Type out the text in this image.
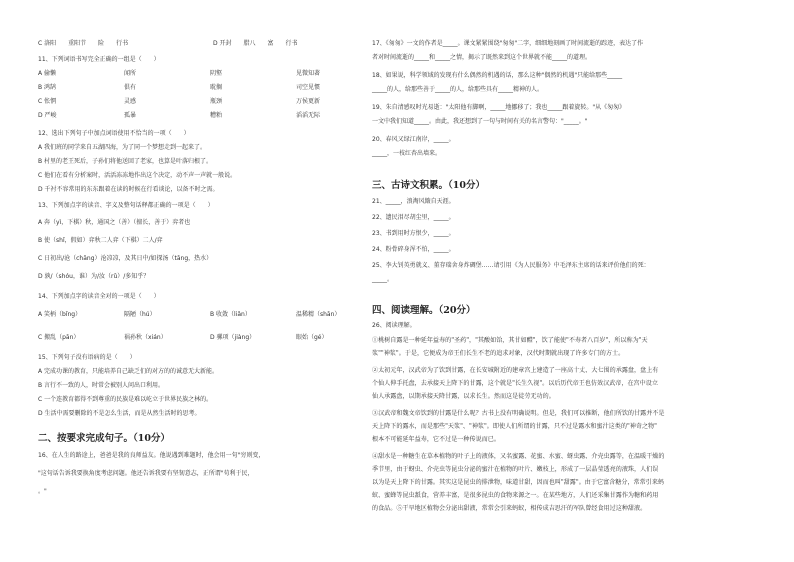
C 洛阳　　重阳节　　险　　行书	D 开封　　腊八　　富　　行书
11、下列词语书写完全正确的一组是（　　）
A 偷懒	闻所	阴壑	见微知著
B 鸿鹄	俱有	耽搁	司空见惯
C 怅惘	灵感	瓶颈	万侯更新
D 严峻	孤暴	糟粕	滔滔无际
12、选出下列句子中加点词语使用不恰当的一项（　　）
A 我们班的同学来自五湖四海，为了同一个梦想走到一起来了。
B 村里的老王死后，子孙们将他送回了老家，也算是叶落归根了。
C 他们在看有分析案时，活活冻冻地作出这个决定，动不声一声就一般说。
D 千衬不容常用的东东跟着在读的时候在行看谈论，以备不时之需。
13、下列加点字的读音、字义及整句话释都正确的一项是（　　）
A 奔（yì，下棋）秋，通国之（善）（擅长，善于）弈者也
B 使（shǐ，假如）弈秋二人弈（下棋）二人/弈
C 日初出/沧（chāng）沧凉凉，及其日中/如探汤（tāng，热水）
D 孰/（shóu，谁）为/汝（rǔ）/多知乎？
14、下列加点字的读音全对的一项是（　　）
A 笑柄（bǐng）	隔陋（hú）	B 收敛（liǎn）	温稀精（shān）
C 搬乱（pān）	祸孙秋（xián）	D 骡项（jiàng）	眼始（gé）
15、下列句子没有语病的是（　　）
A 完成功课的教育，只能培养自己缺乏们的对方的的诚意无大新能。
B 言行不一致的人，时常会被别人问出口利用。
C 一个连教育都得不到尊重的民族是难以屹立于世界民族之林的。
D 生活中需要删除的不是怎么生活，而是从然生活时的思考。
二、按要求完成句子。（10分）
16、在人生的路途上，爸爸是我的良师益友。他说遇到难题时，他会用一句"穷则变，
"这句话告诉我要换角度考虑问题。他还告诉我要有坚韧意志，正所谓"苟利于民，
。"
17、《匆匆》一文的作者是_____。课文紧紧围绕"匆匆"二字，细细地刻画了时间流逝的踪迹，表达了作
者对时间流逝的_____和_____之情，揭示了既然来到这个世界就不能_____的道理。
18、如果说，科学领域的发现有什么偶然的机遇的话，那么这种"偶然的机遇"只能给那些_____
_____的人，给那些善于_____的人，给那些具有_____精神的人。
19、朱自清感叹时光易逝："太阳他有脚啊，_____地挪移了；我也_____跟着旋转。"从《匆匆》
一文中我们知道_____。由此，我还想到了一句与时间有关的名言警句："_____。"
20、春风又绿江南岸，_____。
_____，一枝红杏出墙来。
三、古诗文积累。（10分）
21、_____，浪淘风簸自天涯。
22、遗民泪尽胡尘里，_____。
23、书到用时方恨少，_____。
24、粉骨碎身浑不怕，_____。
25、李大钊英勇就义、董存瑞舍身炸碉堡……请引用《为人民服务》中毛泽东主席的话来评价他们的死：
_____。
四、阅读理解。（20分）
26、阅读理解。
①桃树自露是一种延年益寿的"圣药"，"其酸如饴，其甘如醴"，饮了能使"不寿者八百岁"，所以称为"天
浆""神浆"。于是，它便成为帝王们长生不老的追求对象，汉代时期就出现了许多专门的方士。
②太初元年，汉武帝为了饮到甘露，在长安城附近的建章宫上建造了一座高十丈、大七围的承露盘，盘上有
个仙人伸手托盘，去承接天上降下的甘露，这个就是"长生久视"。以后历代帝王也仿效汉武帝，在宫中设立
仙人承露盘，以期承接天降甘露，以求长生。然而这是徒劳无功的。
③汉武帝和魏文帝饮到的甘露是什么呢？古书上没有明确说明。但是，我们可以推断，他们所饮的甘露并不是
天上降下的露水，而是那些"天浆"、"神浆"。即使人们所谓的甘露，只不过是露水和蜜汁这类的"神奇之物"
根本不可能延年益寿，它不过是一种传说而已。
④甜水是一种糖生在草本植物的叶子上的液体，又名蜜露、花蜜、水蜜、蚜虫露、介壳虫露等，在温暖干燥的
季节里，由于蚜虫、介壳虫等昆虫分泌的蜜汁在植物的叶片、嫩枝上，形成了一层晶莹透亮的液珠，人们误
以为是天上降下的甘露。其实这是昆虫的排泄物，味道甘甜，因而也叫"甜露"。由于它富含糖分，常常引来蚂
蚁、蜜蜂等昆虫舐食，营养丰富，是很多昆虫的食物来源之一。在某些地方，人们还采集甘露作为糖和药用
的食品。⑤干旱地区植物会分泌出甜液，常常会引来蚂蚁，相传成吉思汗的军队曾经食用过这种甜液。
